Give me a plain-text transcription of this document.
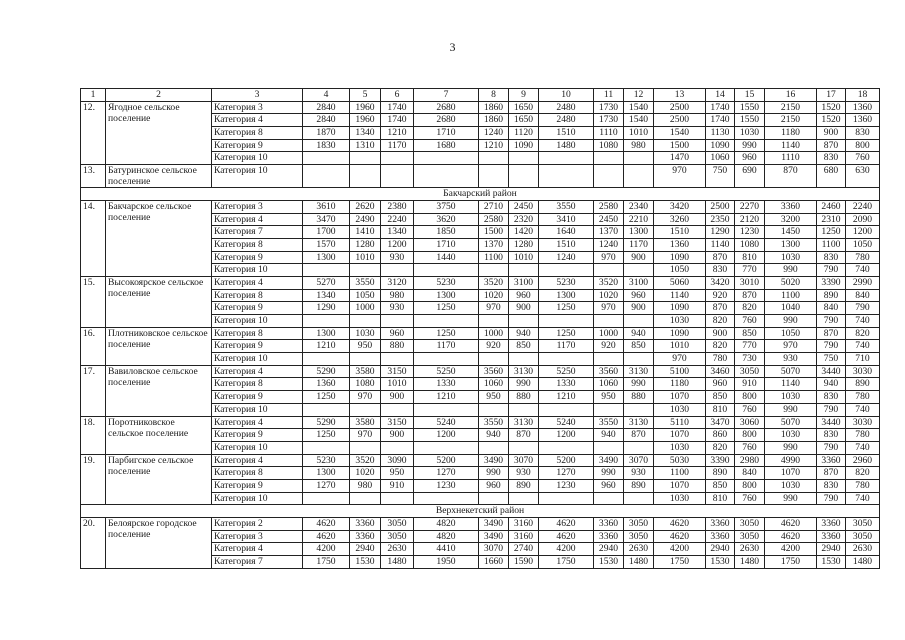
3
1	2	3	4	5	6	7	8	9	10	11	12	13	14	15	16	17	18
12.	Ягодное сельское поселение	Категория 3	2840	1960	1740	2680	1860	1650	2480	1730	1540	2500	1740	1550	2150	1520	1360
		Категория 4	2840	1960	1740	2680	1860	1650	2480	1730	1540	2500	1740	1550	2150	1520	1360
		Категория 8	1870	1340	1210	1710	1240	1120	1510	1110	1010	1540	1130	1030	1180	900	830
		Категория 9	1830	1310	1170	1680	1210	1090	1480	1080	980	1500	1090	990	1140	870	800
		Категория 10										1470	1060	960	1110	830	760
13.	Батуринское сельское поселение	Категория 10										970	750	690	870	680	630
Бакчарский район																	
14.	Бакчарское сельское поселение	Категория 3	3610	2620	2380	3750	2710	2450	3550	2580	2340	3420	2500	2270	3360	2460	2240
		Категория 4	3470	2490	2240	3620	2580	2320	3410	2450	2210	3260	2350	2120	3200	2310	2090
		Категория 7	1700	1410	1340	1850	1500	1420	1640	1370	1300	1510	1290	1230	1450	1250	1200
		Категория 8	1570	1280	1200	1710	1370	1280	1510	1240	1170	1360	1140	1080	1300	1100	1050
		Категория 9	1300	1010	930	1440	1100	1010	1240	970	900	1090	870	810	1030	830	780
		Категория 10										1050	830	770	990	790	740
15.	Высокоярское сельское поселение	Категория 4	5270	3550	3120	5230	3520	3100	5230	3520	3100	5060	3420	3010	5020	3390	2990
		Категория 8	1340	1050	980	1300	1020	960	1300	1020	960	1140	920	870	1100	890	840
		Категория 9	1290	1000	930	1250	970	900	1250	970	900	1090	870	820	1040	840	790
		Категория 10										1030	820	760	990	790	740
16.	Плотниковское сельское поселение	Категория 8	1300	1030	960	1250	1000	940	1250	1000	940	1090	900	850	1050	870	820
		Категория 9	1210	950	880	1170	920	850	1170	920	850	1010	820	770	970	790	740
		Категория 10										970	780	730	930	750	710
17.	Вавиловское сельское поселение	Категория 4	5290	3580	3150	5250	3560	3130	5250	3560	3130	5100	3460	3050	5070	3440	3030
		Категория 8	1360	1080	1010	1330	1060	990	1330	1060	990	1180	960	910	1140	940	890
		Категория 9	1250	970	900	1210	950	880	1210	950	880	1070	850	800	1030	830	780
		Категория 10										1030	810	760	990	790	740
18.	Поротниковское сельское поселение	Категория 4	5290	3580	3150	5240	3550	3130	5240	3550	3130	5110	3470	3060	5070	3440	3030
		Категория 9	1250	970	900	1200	940	870	1200	940	870	1070	860	800	1030	830	780
		Категория 10										1030	820	760	990	790	740
19.	Парбигское сельское поселение	Категория 4	5230	3520	3090	5200	3490	3070	5200	3490	3070	5030	3390	2980	4990	3360	2960
		Категория 8	1300	1020	950	1270	990	930	1270	990	930	1100	890	840	1070	870	820
		Категория 9	1270	980	910	1230	960	890	1230	960	890	1070	850	800	1030	830	780
		Категория 10										1030	810	760	990	790	740
Верхнекетский район																	
20.	Белоярское городское поселение	Категория 2	4620	3360	3050	4820	3490	3160	4620	3360	3050	4620	3360	3050	4620	3360	3050
		Категория 3	4620	3360	3050	4820	3490	3160	4620	3360	3050	4620	3360	3050	4620	3360	3050
		Категория 4	4200	2940	2630	4410	3070	2740	4200	2940	2630	4200	2940	2630	4200	2940	2630
		Категория 7	1750	1530	1480	1950	1660	1590	1750	1530	1480	1750	1530	1480	1750	1530	1480
